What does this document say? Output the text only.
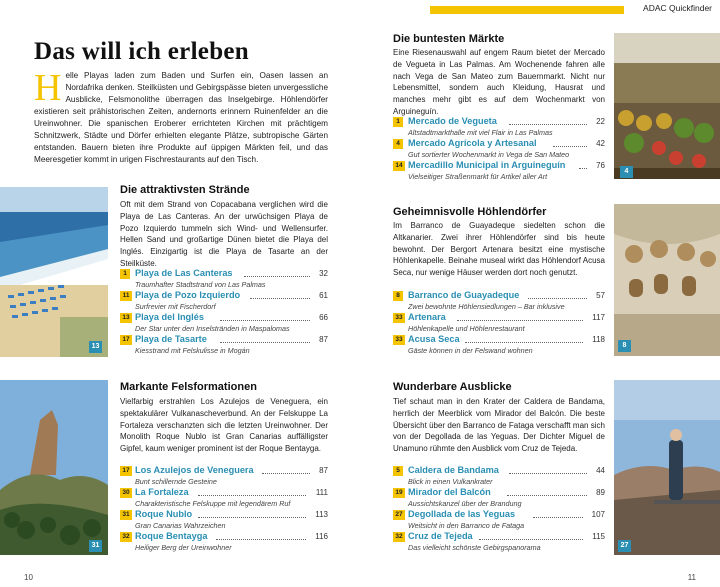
ADAC Quickfinder
Das will ich erleben
Helle Playas laden zum Baden und Surfen ein, Oasen lassen an Nordafrika denken. Steilküsten und Gebirgspässe bieten unvergessliche Ausblicke, Felsmonolithe überragen das Inselgebirge. Höhlendörfer existieren seit prähistorischen Zeiten, andernorts erinnern Ruinenfelder an die Ureinwohner. Die spanischen Eroberer errichteten Kirchen mit prächtigem Schnitzwerk, Städte und Dörfer erhielten elegante Plätze, subtropische Gärten entstanden. Bauern bieten ihre Produkte auf üppigen Märkten feil, und das Meeresgetier kommt in urigen Fischrestaurants auf den Tisch.
13
Die attraktivsten Strände
Oft mit dem Strand von Copacabana verglichen wird die Playa de Las Canteras. An der urwüchsigen Playa de Pozo Izquierdo tummeln sich Wind- und Wellensurfer. Hellen Sand und großartige Dünen bietet die Playa del Inglés. Einzigartig ist die Playa de Tasarte an der Steilküste.
1 Playa de Las Canteras	32
Traumhafter Stadtstrand von Las Palmas
11 Playa de Pozo Izquierdo	61
Surfrevier mit Fischerdorf
13 Playa del Inglés	66
Der Star unter den Inselstränden in Maspalomas
17 Playa de Tasarte	87
Kiesstrand mit Felskulisse in Mogán
Die buntesten Märkte
Eine Riesenauswahl auf engem Raum bietet der Mercado de Vegueta in Las Palmas. Am Wochenende fahren alle nach Vega de San Mateo zum Bauernmarkt. Nicht nur Lebensmittel, sondern auch Kleidung, Hausrat und manches mehr gibt es auf dem Wochenmarkt von Arguineguín.
1 Mercado de Vegueta	22
Altstadtmarkthalle mit viel Flair in Las Palmas
4 Mercado Agrícola y Artesanal	42
Gut sortierter Wochenmarkt in Vega de San Mateo
14 Mercadillo Municipal in Arguineguín	76
Vielseitiger Straßenmarkt für Artikel aller Art
4
Geheimnisvolle Höhlendörfer
Im Barranco de Guayadeque siedelten schon die Altkanarier. Zwei ihrer Höhlendörfer sind bis heute bewohnt. Der Bergort Artenara besitzt eine mystische Höhlenkapelle. Beinahe museal wirkt das Höhlendorf Acusa Seca, nur wenige Häuser werden dort noch genutzt.
8 Barranco de Guayadeque	57
Zwei bewohnte Höhlensiedlungen – Bar inklusive
33 Artenara	117
Höhlenkapelle und Höhlenrestaurant
33 Acusa Seca	118
Gäste können in der Felswand wohnen
8
31
Markante Felsformationen
Vielfarbig erstrahlen Los Azulejos de Veneguera, ein spektakulärer Vulkanascheverbund. An der Felskuppe La Fortaleza verschanzten sich die letzten Ureinwohner. Der Monolith Roque Nublo ist Gran Canarias auffälligster Gipfel, kaum weniger prominent ist der Roque Bentayga.
17 Los Azulejos de Veneguera	87
Bunt schillernde Gesteine
30 La Fortaleza	111
Charakteristische Felskuppe mit legendärem Ruf
31 Roque Nublo	113
Gran Canarias Wahrzeichen
32 Roque Bentayga	116
Heiliger Berg der Ureinwohner
Wunderbare Ausblicke
Tief schaut man in den Krater der Caldera de Bandama, herrlich der Meerblick vom Mirador del Balcón. Die beste Übersicht über den Barranco de Fataga verschafft man sich von der Degollada de las Yeguas. Der Dichter Miguel de Unamuno rühmte den Ausblick vom Cruz de Tejeda.
5 Caldera de Bandama	44
Blick in einen Vulkankrater
19 Mirador del Balcón	89
Aussichtskanzel über der Brandung
27 Degollada de las Yeguas	107
Weitsicht in den Barranco de Fataga
32 Cruz de Tejeda	115
Das vielleicht schönste Gebirgspanorama	27
10	11
